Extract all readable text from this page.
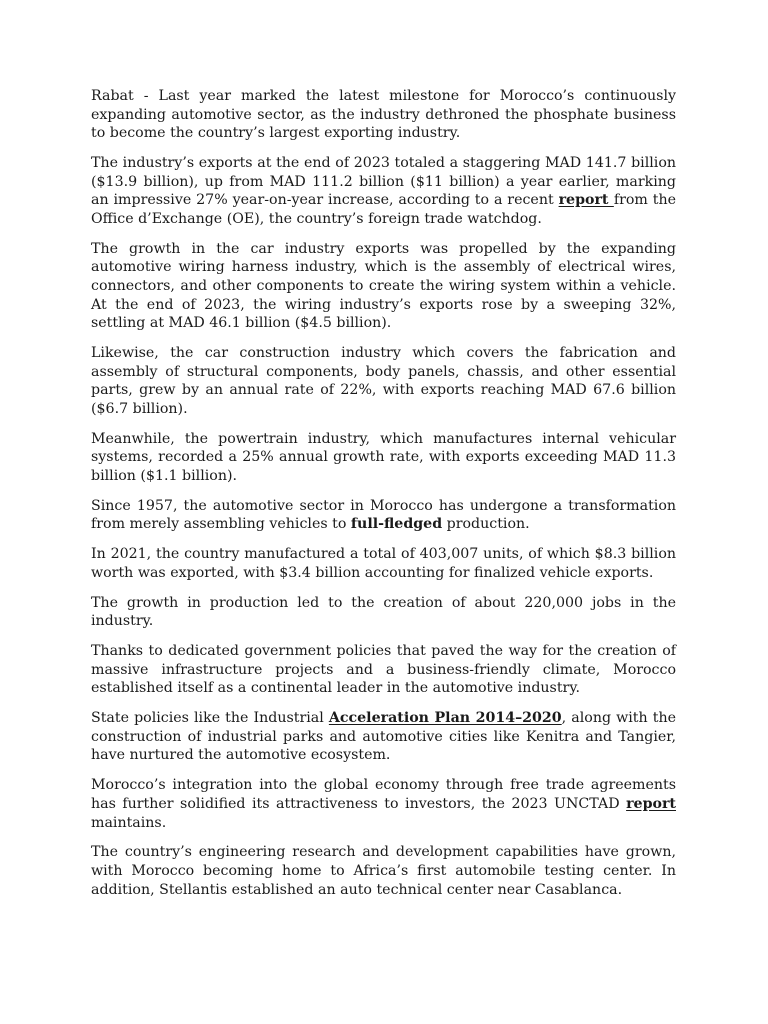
Rabat - Last year marked the latest milestone for Morocco’s continuously expanding automotive sector, as the industry dethroned the phosphate business to become the country’s largest exporting industry.

The industry’s exports at the end of 2023 totaled a staggering MAD 141.7 billion ($13.9 billion), up from MAD 111.2 billion ($11 billion) a year earlier, marking an impressive 27% year-on-year increase, according to a recent report from the Office d’Exchange (OE), the country’s foreign trade watchdog.

The growth in the car industry exports was propelled by the expanding automotive wiring harness industry, which is the assembly of electrical wires, connectors, and other components to create the wiring system within a vehicle. At the end of 2023, the wiring industry’s exports rose by a sweeping 32%, settling at MAD 46.1 billion ($4.5 billion).

Likewise, the car construction industry which covers the fabrication and assembly of structural components, body panels, chassis, and other essential parts, grew by an annual rate of 22%, with exports reaching MAD 67.6 billion ($6.7 billion).

Meanwhile, the powertrain industry, which manufactures internal vehicular systems, recorded a 25% annual growth rate, with exports exceeding MAD 11.3 billion ($1.1 billion).

Since 1957, the automotive sector in Morocco has undergone a transformation from merely assembling vehicles to full-fledged production.

In 2021, the country manufactured a total of 403,007 units, of which $8.3 billion worth was exported, with $3.4 billion accounting for finalized vehicle exports.

The growth in production led to the creation of about 220,000 jobs in the industry.

Thanks to dedicated government policies that paved the way for the creation of massive infrastructure projects and a business-friendly climate, Morocco established itself as a continental leader in the automotive industry.

State policies like the Industrial Acceleration Plan 2014–2020, along with the construction of industrial parks and automotive cities like Kenitra and Tangier, have nurtured the automotive ecosystem.

Morocco’s integration into the global economy through free trade agreements has further solidified its attractiveness to investors, the 2023 UNCTAD report maintains.

The country’s engineering research and development capabilities have grown, with Morocco becoming home to Africa’s first automobile testing center. In addition, Stellantis established an auto technical center near Casablanca.
